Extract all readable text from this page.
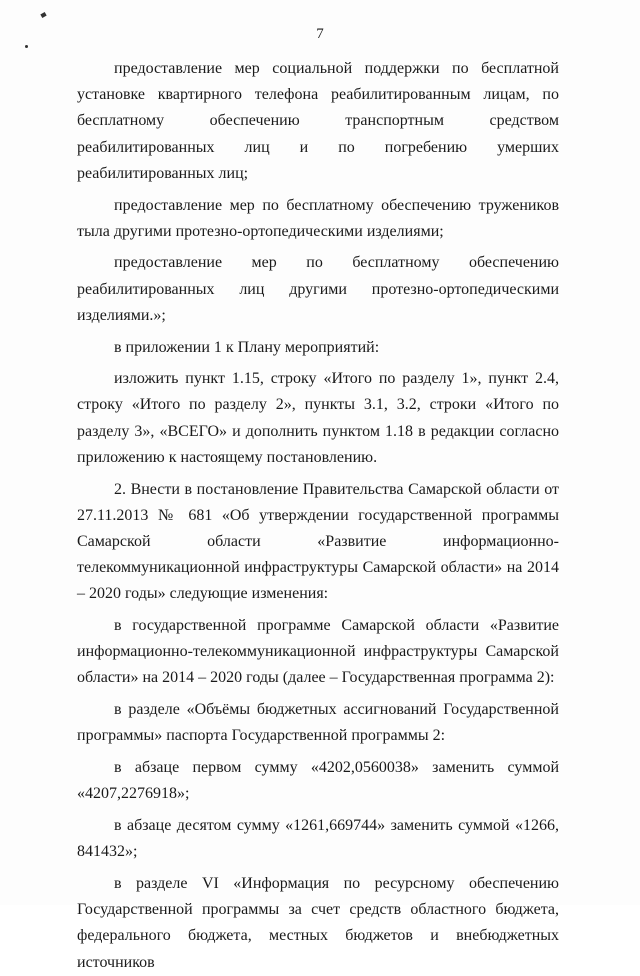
7

предоставление мер социальной поддержки по бесплатной установке квартирного телефона реабилитированным лицам, по бесплатному обеспечению транспортным средством реабилитированных лиц и по погребению умерших реабилитированных лиц;

предоставление мер по бесплатному обеспечению тружеников тыла другими протезно-ортопедическими изделиями;

предоставление мер по бесплатному обеспечению

реабилитированных лиц другими протезно-ортопедическими изделиями.»;

в приложении 1 к Плану мероприятий:

изложить пункт 1.15, строку «Итого по разделу 1», пункт 2.4, строку «Итого по разделу 2», пункты 3.1, 3.2, строки «Итого по разделу 3», «ВСЕГО» и дополнить пунктом 1.18 в редакции согласно приложению к настоящему постановлению.

2. Внести в постановление Правительства Самарской области от 27.11.2013 № 681 «Об утверждении государственной программы Самарской области «Развитие информационно-телекоммуникационной инфраструктуры Самарской области» на 2014 – 2020 годы» следующие изменения:

в государственной программе Самарской области «Развитие информационно-телекоммуникационной инфраструктуры Самарской области» на 2014 – 2020 годы (далее – Государственная программа 2):

в разделе «Объёмы бюджетных ассигнований Государственной программы» паспорта Государственной программы 2:

в абзаце первом сумму «4202,0560038» заменить суммой «4207,2276918»;

в абзаце десятом сумму «1261,669744» заменить суммой «1266, 841432»;

в разделе VI «Информация по ресурсному обеспечению Государственной программы за счет средств областного бюджета, федерального бюджета, местных бюджетов и внебюджетных источников
